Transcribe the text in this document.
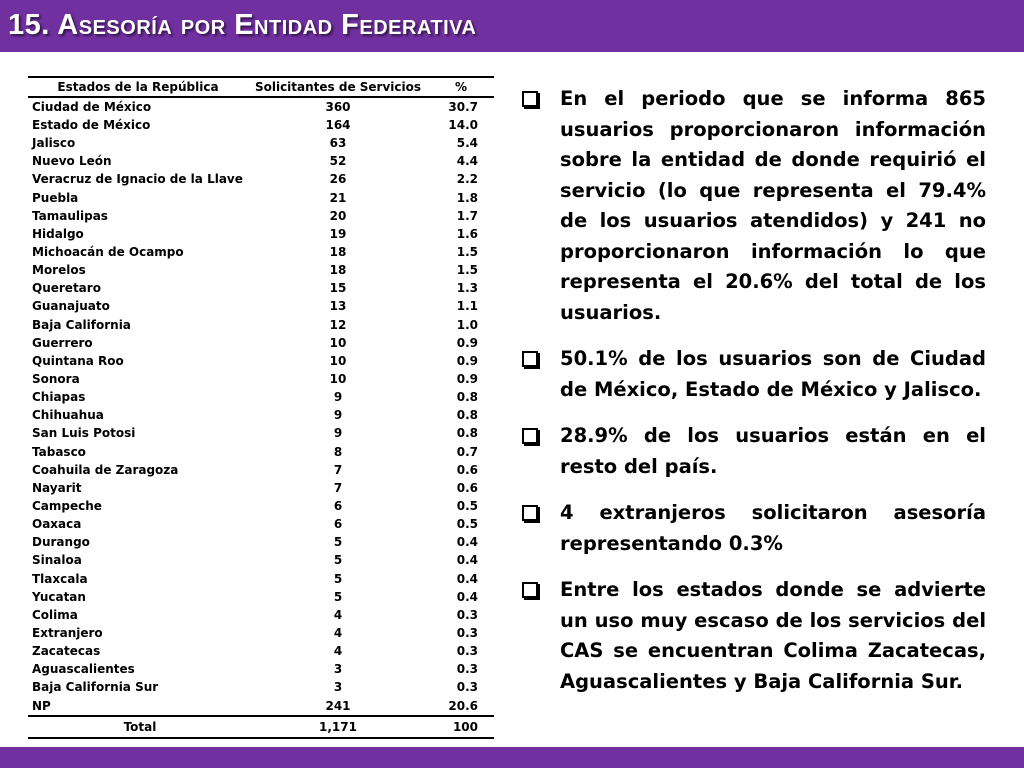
15. Asesoría por Entidad Federativa
Estados de la República	Solicitantes de Servicios	%
Ciudad de México	360	30.7
Estado de México	164	14.0
Jalisco	63	5.4
Nuevo León	52	4.4
Veracruz de Ignacio de la Llave	26	2.2
Puebla	21	1.8
Tamaulipas	20	1.7
Hidalgo	19	1.6
Michoacán de Ocampo	18	1.5
Morelos	18	1.5
Queretaro	15	1.3
Guanajuato	13	1.1
Baja California	12	1.0
Guerrero	10	0.9
Quintana Roo	10	0.9
Sonora	10	0.9
Chiapas	9	0.8
Chihuahua	9	0.8
San Luis Potosi	9	0.8
Tabasco	8	0.7
Coahuila de Zaragoza	7	0.6
Nayarit	7	0.6
Campeche	6	0.5
Oaxaca	6	0.5
Durango	5	0.4
Sinaloa	5	0.4
Tlaxcala	5	0.4
Yucatan	5	0.4
Colima	4	0.3
Extranjero	4	0.3
Zacatecas	4	0.3
Aguascalientes	3	0.3
Baja California Sur	3	0.3
NP	241	20.6
Total	1,171	100
En el periodo que se informa 865 usuarios proporcionaron información sobre la entidad de donde requirió el servicio (lo que representa el 79.4% de los usuarios atendidos) y 241 no proporcionaron información lo que representa el 20.6% del total de los usuarios.
50.1% de los usuarios son de Ciudad de México, Estado de México y Jalisco.
28.9% de los usuarios están en el resto del país.
4 extranjeros solicitaron asesoría representando 0.3%
Entre los estados donde se advierte un uso muy escaso de los servicios del CAS se encuentran Colima Zacatecas, Aguascalientes y Baja California Sur.
